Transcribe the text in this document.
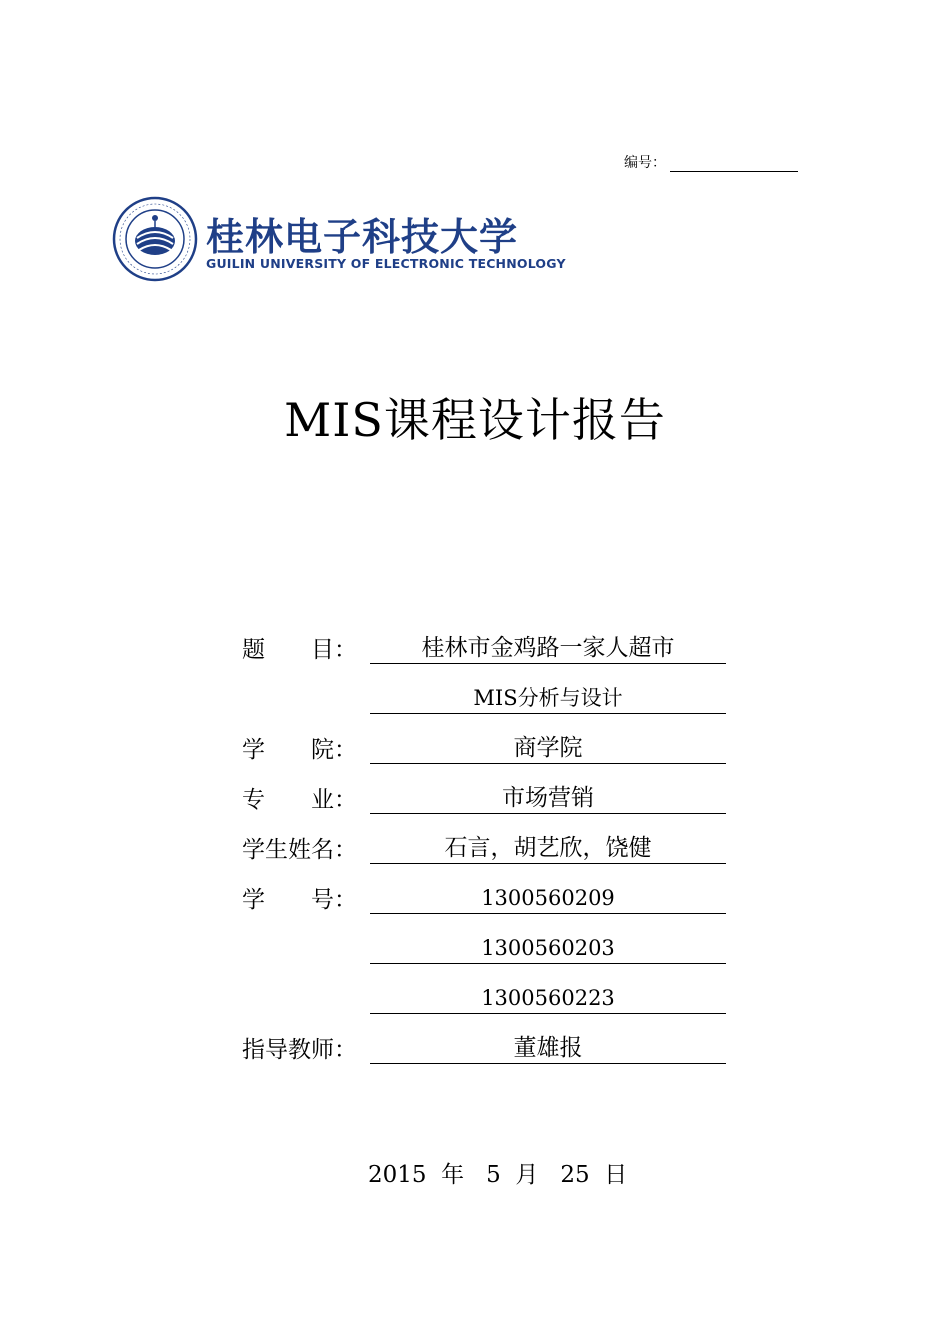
编号：
桂林电子科技大学
GUILIN UNIVERSITY OF ELECTRONIC TECHNOLOGY
MIS课程设计报告
题 目：	桂林市金鸡路一家人超市
MIS分析与设计
学 院：	商学院
专 业：	市场营销
学生姓名：	石言，胡艺欣，饶健
学 号：	1300560209
1300560203
1300560223
指导教师：	董雄报
2015 年 5 月 25 日
